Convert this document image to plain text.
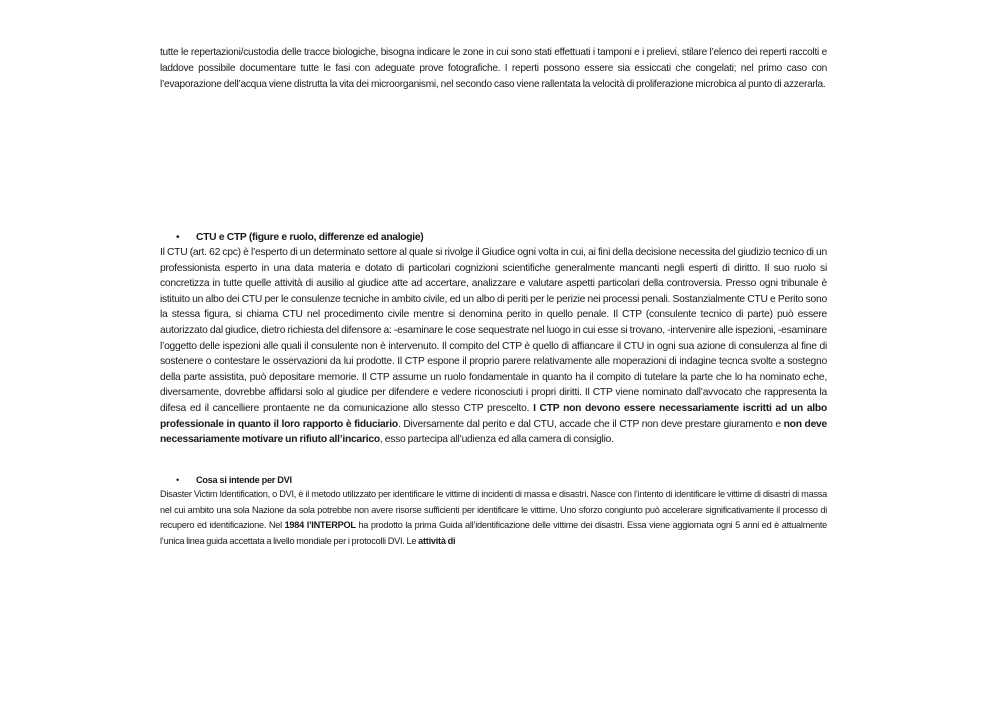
tutte le repertazioni/custodia delle tracce biologiche, bisogna indicare le zone in cui sono stati effettuati i tamponi e i prelievi, stilare l’elenco dei reperti raccolti e laddove possibile documentare tutte le fasi con adeguate prove fotografiche. I reperti possono essere sia essiccati che congelati; nel primo caso con l’evaporazione dell’acqua viene distrutta la vita dei microorganismi, nel secondo caso viene rallentata la velocità di proliferazione microbica al punto di azzerarla.

• CTU e CTP (figure e ruolo, differenze ed analogie)

Il CTU (art. 62 cpc) è l’esperto di un determinato settore al quale si rivolge il Giudice ogni volta in cui, ai fini della decisione necessita del giudizio tecnico di un professionista esperto in una data materia e dotato di particolari cognizioni scientifiche generalmente mancanti negli esperti di diritto. Il suo ruolo si concretizza in tutte quelle attività di ausilio al giudice atte ad accertare, analizzare e valutare aspetti particolari della controversia. Presso ogni tribunale è istituito un albo dei CTU per le consulenze tecniche in ambito civile, ed un albo di periti per le perizie nei processi penali. Sostanzialmente CTU e Perito sono la stessa figura, si chiama CTU nel procedimento civile mentre si denomina perito in quello penale. Il CTP (consulente tecnico di parte) può essere autorizzato dal giudice, dietro richiesta del difensore a: -esaminare le cose sequestrate nel luogo in cui esse si trovano, -intervenire alle ispezioni, -esaminare l’oggetto delle ispezioni alle quali il consulente non è intervenuto. Il compito del CTP è quello di affiancare il CTU in ogni sua azione di consulenza al fine di sostenere o contestare le osservazioni da lui prodotte. Il CTP espone il proprio parere relativamente alle moperazioni di indagine tecnca svolte a sostegno della parte assistita, può depositare memorie. Il CTP assume un ruolo fondamentale in quanto ha il compito di tutelare la parte che lo ha nominato eche, diversamente, dovrebbe affidarsi solo al giudice per difendere e vedere riconosciuti i propri diritti. Il CTP viene nominato dall’avvocato che rappresenta la difesa ed il cancelliere prontaente ne da comunicazione allo stesso CTP prescelto. I CTP non devono essere necessariamente iscritti ad un albo professionale in quanto il loro rapporto è fiduciario. Diversamente dal perito e dal CTU, accade che il CTP non deve prestare giuramento e non deve necessariamente motivare un rifiuto all’incarico, esso partecipa all’udienza ed alla camera di consiglio.

• Cosa si intende per DVI

Disaster Victim Identification, o DVI, è il metodo utilizzato per identificare le vittime di incidenti di massa e disastri. Nasce con l’intento di identificare le vittime di disastri di massa nel cui ambito una sola Nazione da sola potrebbe non avere risorse sufficienti per identificare le vittime. Uno sforzo congiunto può accelerare significativamente il processo di recupero ed identificazione. Nel 1984 l’INTERPOL ha prodotto la prima Guida all’identificazione delle vittime dei disastri. Essa viene aggiornata ogni 5 anni ed è attualmente l’unica linea guida accettata a livello mondiale per i protocolli DVI. Le attività di
